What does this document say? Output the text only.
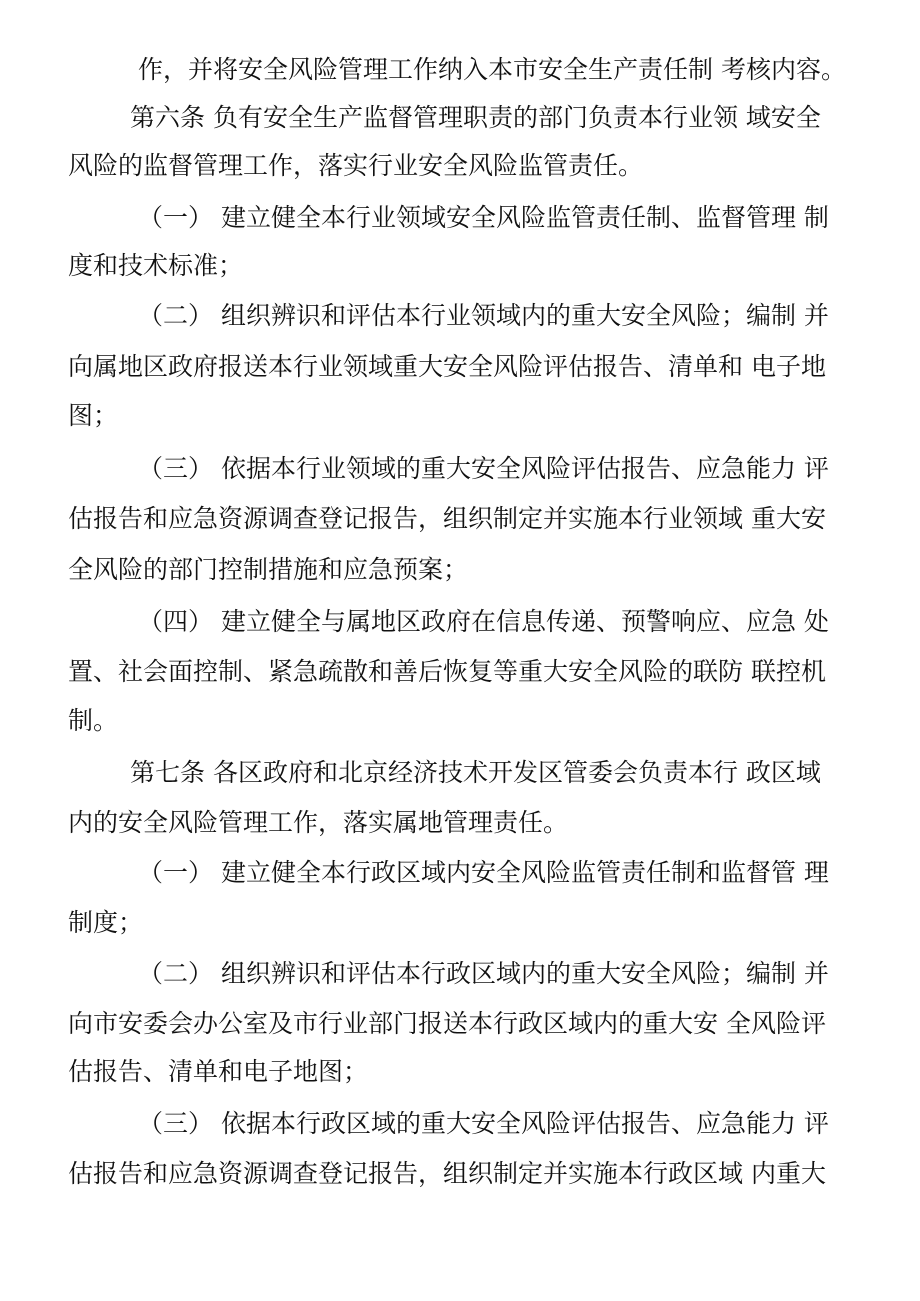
作，并将安全风险管理工作纳入本市安全生产责任制 考核内容。
第六条 负有安全生产监督管理职责的部门负责本行业领 域安全
风险的监督管理工作，落实行业安全风险监管责任。
（一） 建立健全本行业领域安全风险监管责任制、监督管理 制
度和技术标准；
（二） 组织辨识和评估本行业领域内的重大安全风险；编制 并
向属地区政府报送本行业领域重大安全风险评估报告、清单和 电子地
图；
（三） 依据本行业领域的重大安全风险评估报告、应急能力 评
估报告和应急资源调查登记报告，组织制定并实施本行业领域 重大安
全风险的部门控制措施和应急预案；
（四） 建立健全与属地区政府在信息传递、预警响应、应急 处
置、社会面控制、紧急疏散和善后恢复等重大安全风险的联防 联控机
制。
第七条 各区政府和北京经济技术开发区管委会负责本行 政区域
内的安全风险管理工作，落实属地管理责任。
（一） 建立健全本行政区域内安全风险监管责任制和监督管 理
制度；
（二） 组织辨识和评估本行政区域内的重大安全风险；编制 并
向市安委会办公室及市行业部门报送本行政区域内的重大安 全风险评
估报告、清单和电子地图；
（三） 依据本行政区域的重大安全风险评估报告、应急能力 评
估报告和应急资源调查登记报告，组织制定并实施本行政区域 内重大
